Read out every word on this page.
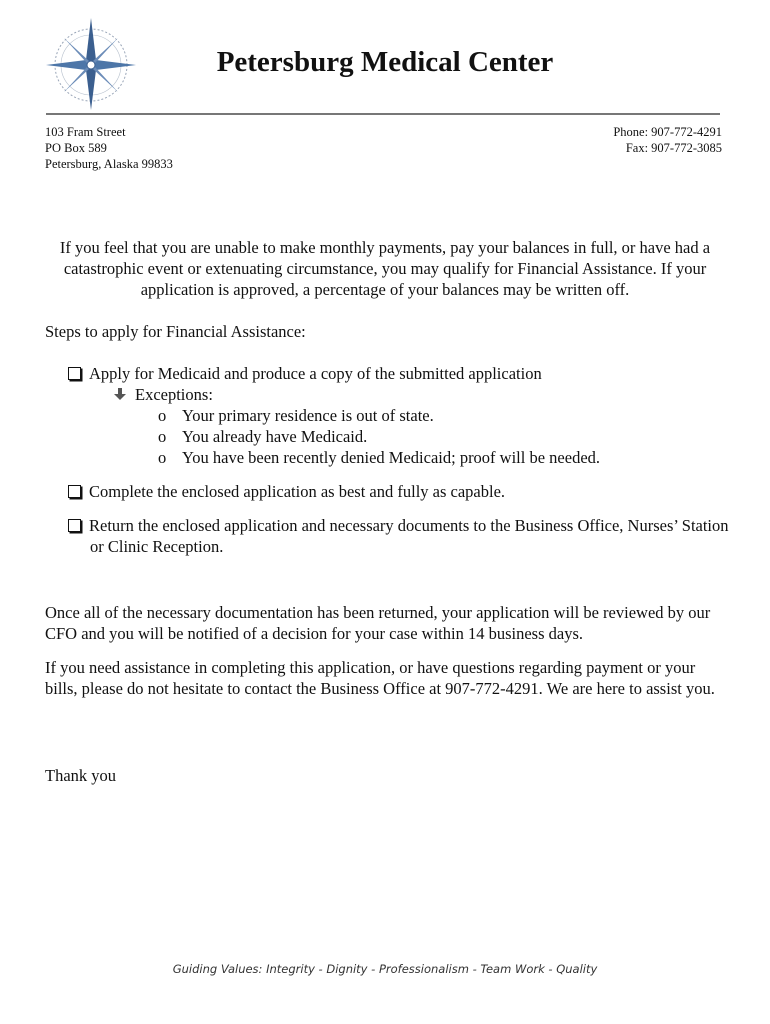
Petersburg Medical Center
103 Fram Street
PO Box 589
Petersburg, Alaska 99833
Phone: 907-772-4291
Fax: 907-772-3085
If you feel that you are unable to make monthly payments, pay your balances in full, or have had a catastrophic event or extenuating circumstance, you may qualify for Financial Assistance. If your application is approved, a percentage of your balances may be written off.
Steps to apply for Financial Assistance:
Apply for Medicaid and produce a copy of the submitted application
Exceptions:
o Your primary residence is out of state.
o You already have Medicaid.
o You have been recently denied Medicaid; proof will be needed.
Complete the enclosed application as best and fully as capable.
Return the enclosed application and necessary documents to the Business Office, Nurses’ Station or Clinic Reception.
Once all of the necessary documentation has been returned, your application will be reviewed by our CFO and you will be notified of a decision for your case within 14 business days.
If you need assistance in completing this application, or have questions regarding payment or your bills, please do not hesitate to contact the Business Office at 907-772-4291. We are here to assist you.
Thank you
Guiding Values: Integrity - Dignity - Professionalism - Team Work - Quality
